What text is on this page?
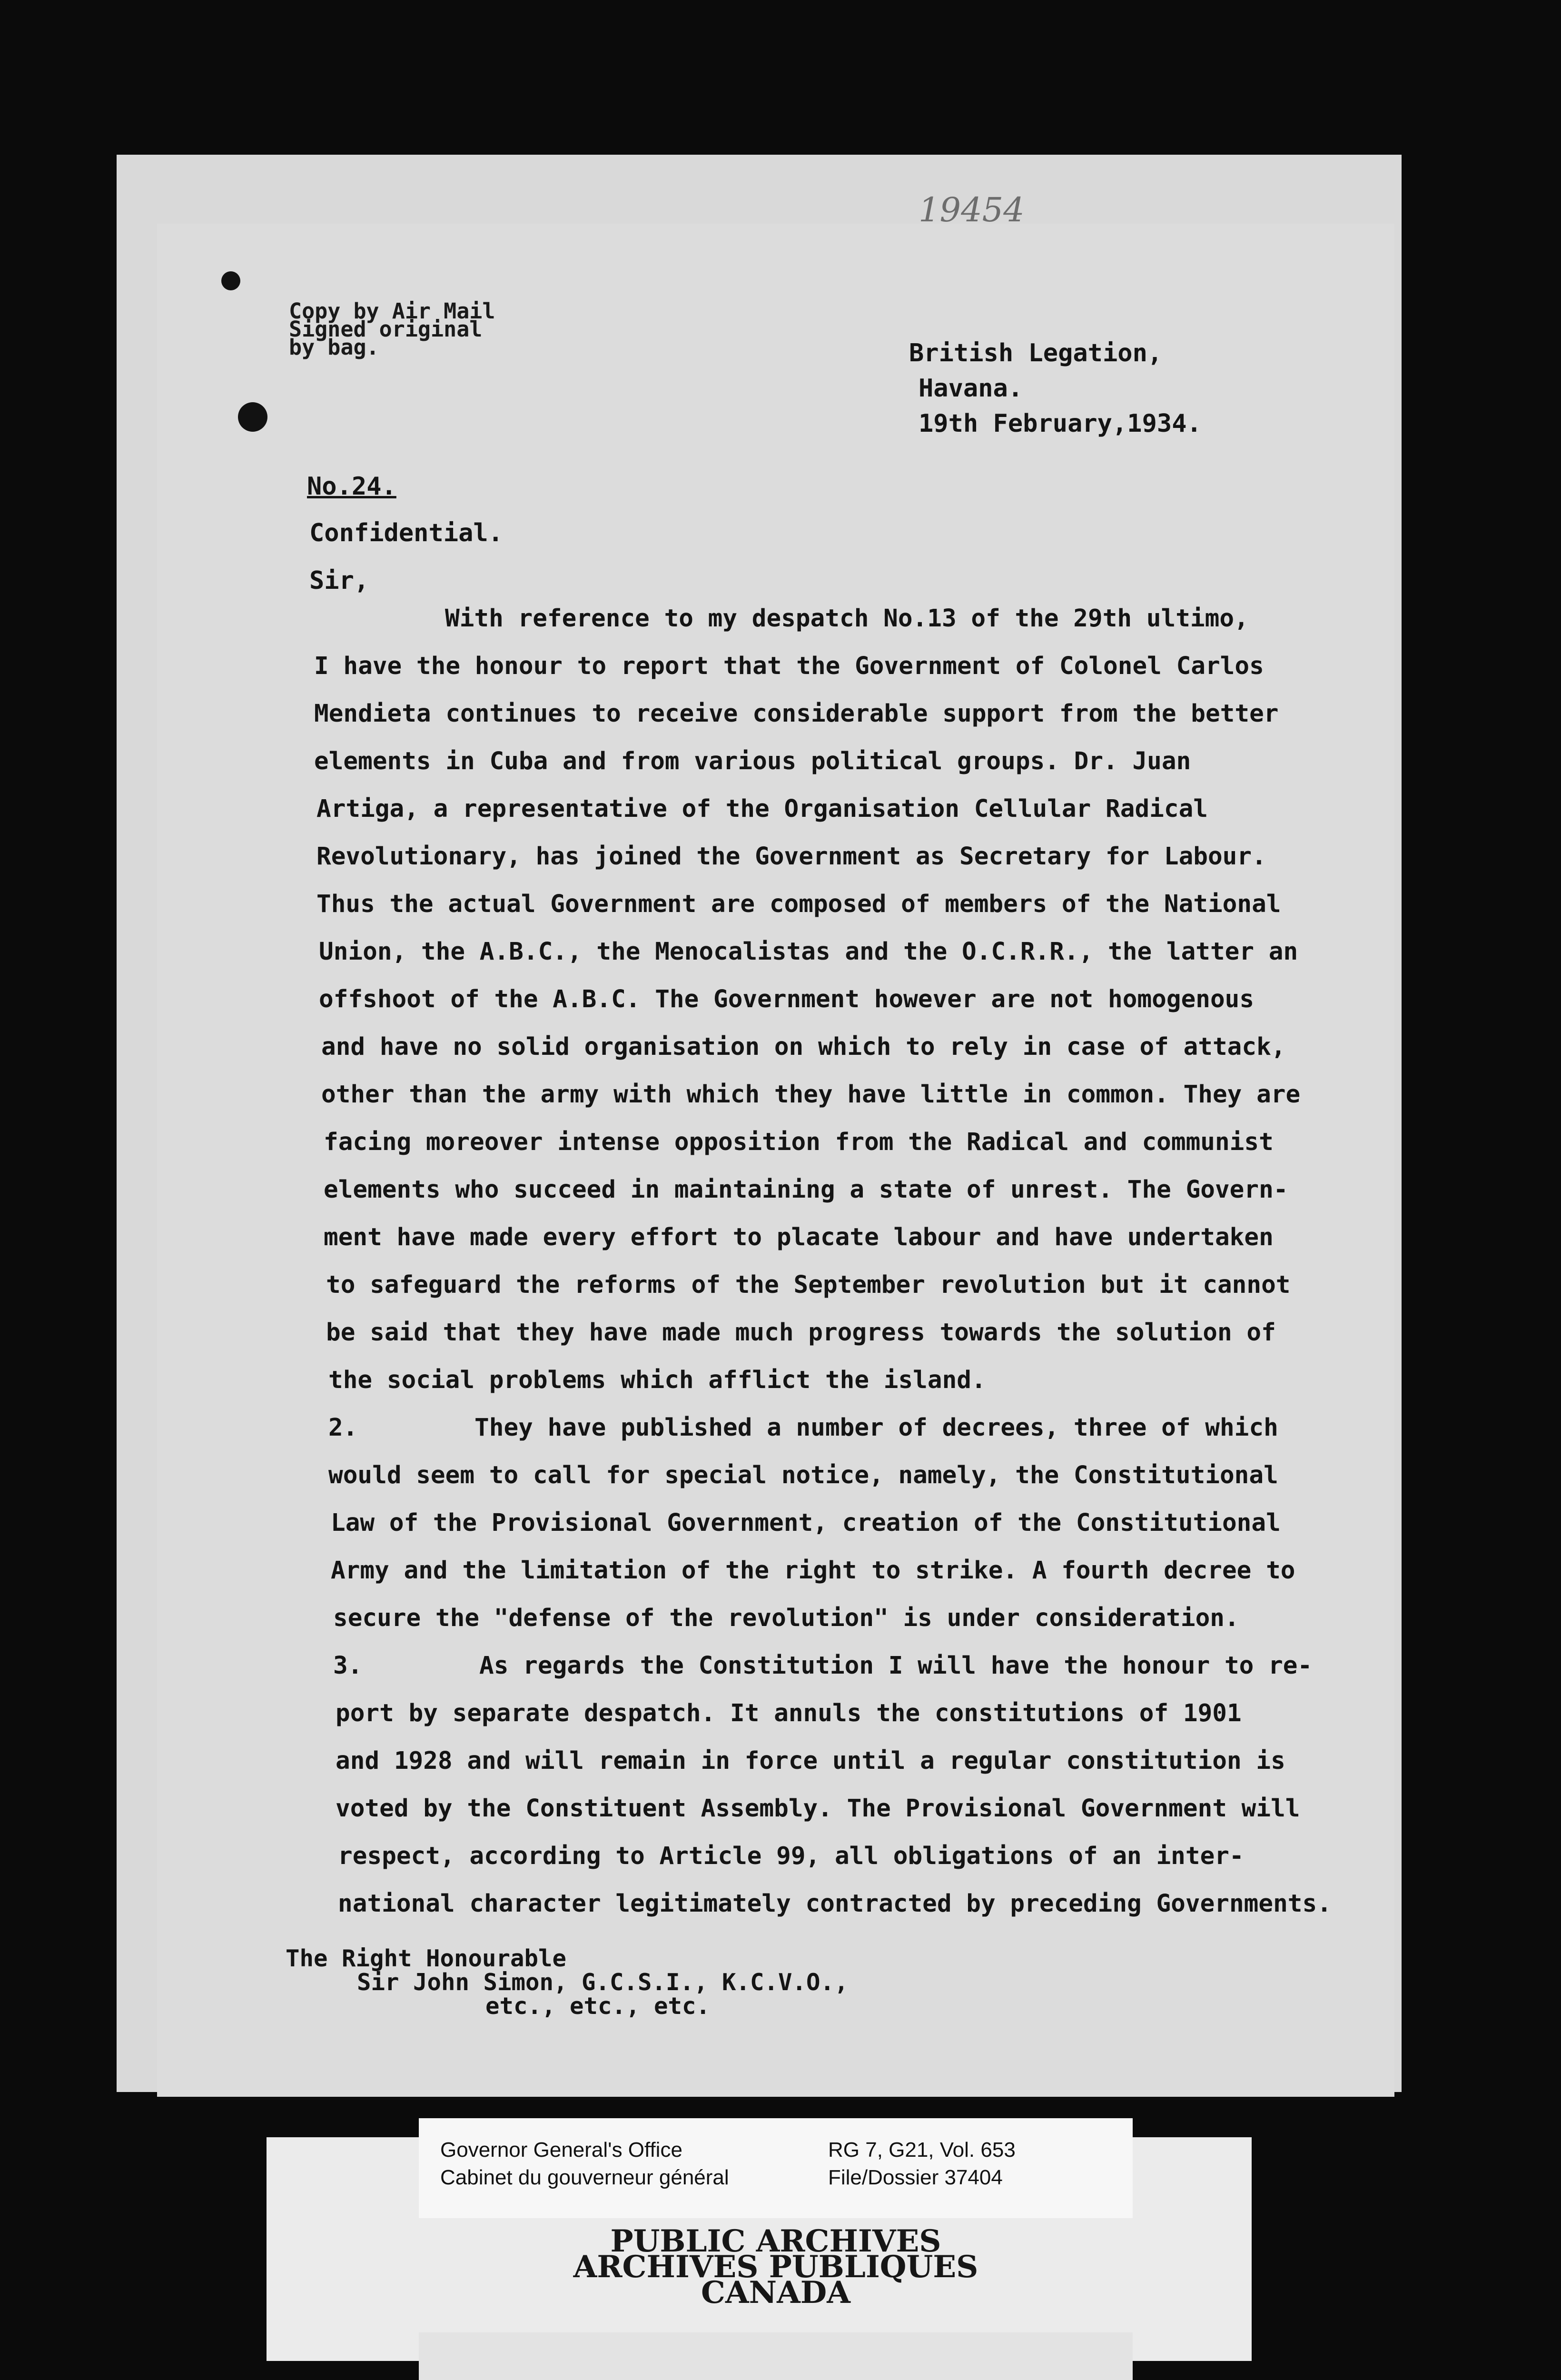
19454
Copy by Air Mail
Signed original
by bag.	British Legation,
Havana.
19th February,1934.
No.24.
Confidential.
Sir,
With reference to my despatch No.13 of the 29th ultimo,
I have the honour to report that the Government of Colonel Carlos
Mendieta continues to receive considerable support from the better
elements in Cuba and from various political groups. Dr. Juan
Artiga, a representative of the Organisation Cellular Radical
Revolutionary, has joined the Government as Secretary for Labour.
Thus the actual Government are composed of members of the National
Union, the A.B.C., the Menocalistas and the O.C.R.R., the latter an
offshoot of the A.B.C. The Government however are not homogenous
and have no solid organisation on which to rely in case of attack,
other than the army with which they have little in common. They are
facing moreover intense opposition from the Radical and communist
elements who succeed in maintaining a state of unrest. The Govern-
ment have made every effort to placate labour and have undertaken
to safeguard the reforms of the September revolution but it cannot
be said that they have made much progress towards the solution of
the social problems which afflict the island.
2.        They have published a number of decrees, three of which
would seem to call for special notice, namely, the Constitutional
Law of the Provisional Government, creation of the Constitutional
Army and the limitation of the right to strike. A fourth decree to
secure the "defense of the revolution" is under consideration.
3.        As regards the Constitution I will have the honour to re-
port by separate despatch. It annuls the constitutions of 1901
and 1928 and will remain in force until a regular constitution is
voted by the Constituent Assembly. The Provisional Government will
respect, according to Article 99, all obligations of an inter-
national character legitimately contracted by preceding Governments.
The Right Honourable
Sir John Simon, G.C.S.I., K.C.V.O.,
etc., etc., etc.
Governor General's Office
Cabinet du gouverneur général
RG 7, G21, Vol. 653
File/Dossier 37404
PUBLIC ARCHIVES
ARCHIVES PUBLIQUES
CANADA
